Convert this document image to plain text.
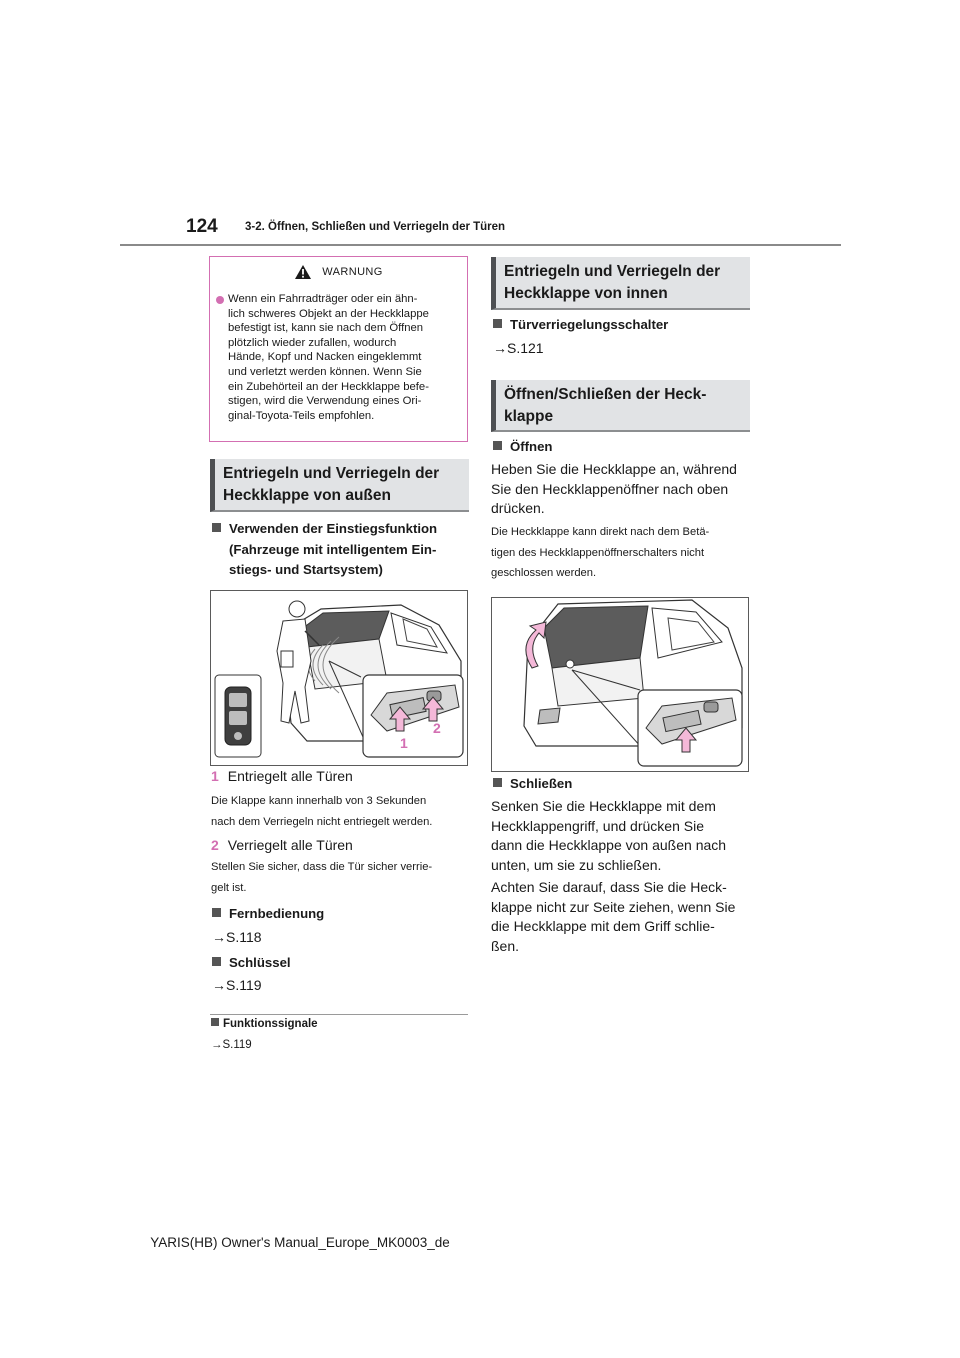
124 3-2. Öffnen, Schließen und Verriegeln der Türen
WARNUNG
Wenn ein Fahrradträger oder ein ähn-
lich schweres Objekt an der Heckklappe
befestigt ist, kann sie nach dem Öffnen
plötzlich wieder zufallen, wodurch
Hände, Kopf und Nacken eingeklemmt
und verletzt werden können. Wenn Sie
ein Zubehörteil an der Heckklappe befe-
stigen, wird die Verwendung eines Ori-
ginal-Toyota-Teils empfohlen.
Entriegeln und Verriegeln der
Heckklappe von außen
Verwenden der Einstiegsfunktion
(Fahrzeuge mit intelligentem Ein-
stiegs- und Startsystem)
1
2
1 Entriegelt alle Türen
Die Klappe kann innerhalb von 3 Sekunden
nach dem Verriegeln nicht entriegelt werden.
2 Verriegelt alle Türen
Stellen Sie sicher, dass die Tür sicher verrie-
gelt ist.
Fernbedienung
→S.118
Schlüssel
→S.119
Funktionssignale
→S.119
Entriegeln und Verriegeln der
Heckklappe von innen
Türverriegelungsschalter
→S.121
Öffnen/Schließen der Heck-
klappe
Öffnen
Heben Sie die Heckklappe an, während
Sie den Heckklappenöffner nach oben
drücken.
Die Heckklappe kann direkt nach dem Betä-
tigen des Heckklappenöffnerschalters nicht
geschlossen werden.
Schließen
Senken Sie die Heckklappe mit dem
Heckklappengriff, und drücken Sie
dann die Heckklappe von außen nach
unten, um sie zu schließen.
Achten Sie darauf, dass Sie die Heck-
klappe nicht zur Seite ziehen, wenn Sie
die Heckklappe mit dem Griff schlie-
ßen.
YARIS(HB) Owner's Manual_Europe_MK0003_de
